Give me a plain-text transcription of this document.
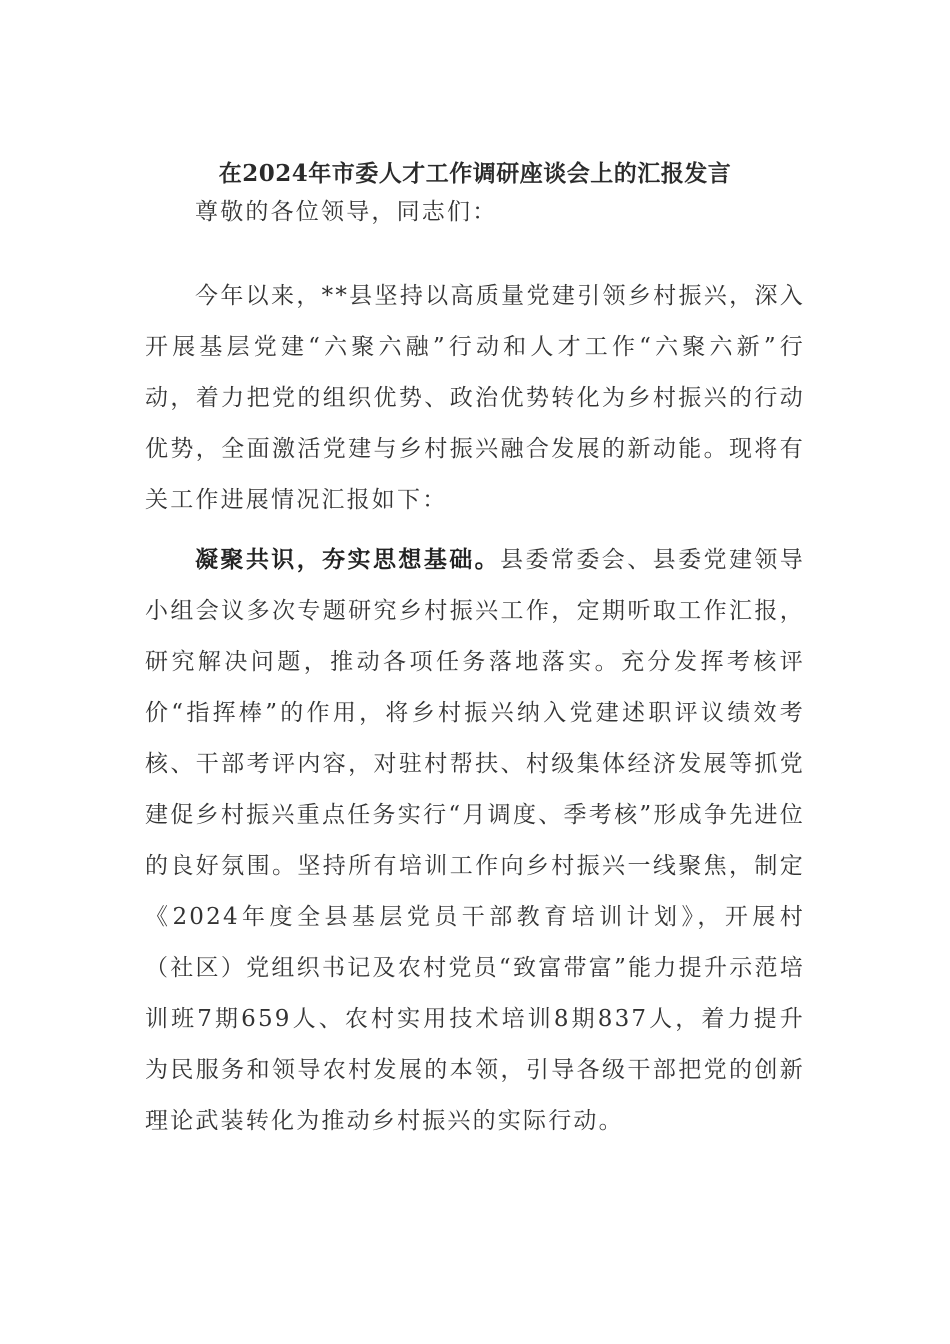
在2024年市委人才工作调研座谈会上的汇报发言

尊敬的各位领导，同志们：

今年以来，**县坚持以高质量党建引领乡村振兴，深入开展基层党建“六聚六融”行动和人才工作“六聚六新”行动，着力把党的组织优势、政治优势转化为乡村振兴的行动优势，全面激活党建与乡村振兴融合发展的新动能。现将有关工作进展情况汇报如下：

凝聚共识，夯实思想基础。县委常委会、县委党建领导小组会议多次专题研究乡村振兴工作，定期听取工作汇报，研究解决问题，推动各项任务落地落实。充分发挥考核评价“指挥棒”的作用，将乡村振兴纳入党建述职评议绩效考核、干部考评内容，对驻村帮扶、村级集体经济发展等抓党建促乡村振兴重点任务实行“月调度、季考核”形成争先进位的良好氛围。坚持所有培训工作向乡村振兴一线聚焦，制定《2024年度全县基层党员干部教育培训计划》，开展村（社区）党组织书记及农村党员“致富带富”能力提升示范培训班7期659人、农村实用技术培训8期837人，着力提升为民服务和领导农村发展的本领，引导各级干部把党的创新理论武装转化为推动乡村振兴的实际行动。
